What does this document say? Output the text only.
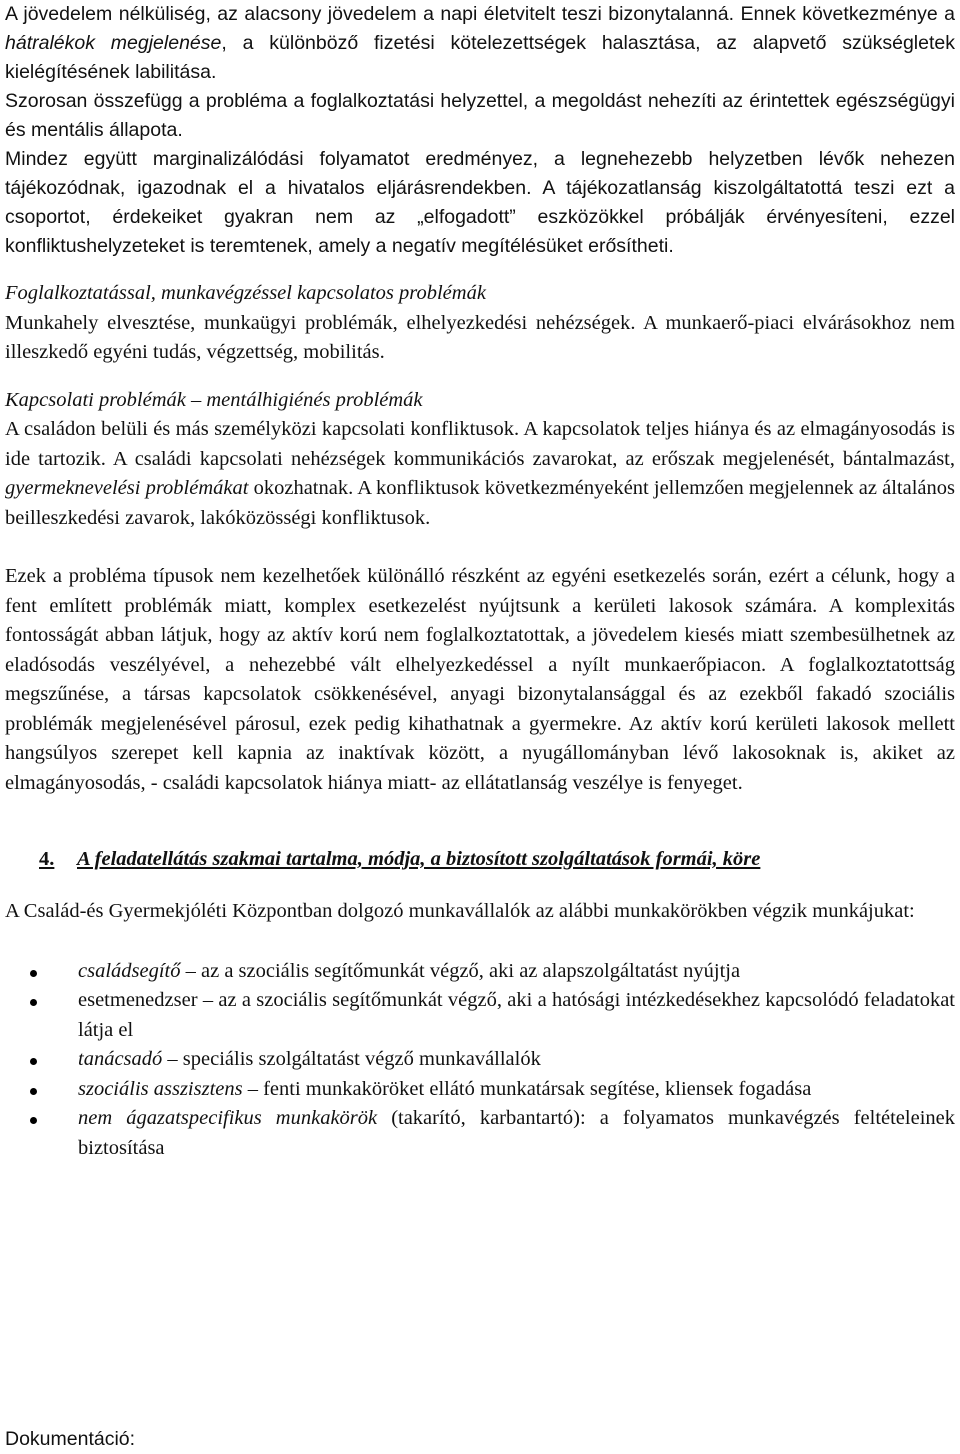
A jövedelem nélküliség, az alacsony jövedelem a napi életvitelt teszi bizonytalanná. Ennek következménye a hátralékok megjelenése, a különböző fizetési kötelezettségek halasztása, az alapvető szükségletek kielégítésének labilitása.

Szorosan összefügg a probléma a foglalkoztatási helyzettel, a megoldást nehezíti az érintettek egészségügyi és mentális állapota.

Mindez együtt marginalizálódási folyamatot eredményez, a legnehezebb helyzetben lévők nehezen tájékozódnak, igazodnak el a hivatalos eljárásrendekben. A tájékozatlanság kiszolgáltatottá teszi ezt a csoportot, érdekeiket gyakran nem az „elfogadott” eszközökkel próbálják érvényesíteni, ezzel konfliktushelyzeteket is teremtenek, amely a negatív megítélésüket erősítheti.

Foglalkoztatással, munkavégzéssel kapcsolatos problémák

Munkahely elvesztése, munkaügyi problémák, elhelyezkedési nehézségek. A munkaerő-piaci elvárásokhoz nem illeszkedő egyéni tudás, végzettség, mobilitás.

Kapcsolati problémák – mentálhigiénés problémák

A családon belüli és más személyközi kapcsolati konfliktusok. A kapcsolatok teljes hiánya és az elmagányosodás is ide tartozik. A családi kapcsolati nehézségek kommunikációs zavarokat, az erőszak megjelenését, bántalmazást, gyermeknevelési problémákat okozhatnak. A konfliktusok következményeként jellemzően megjelennek az általános beilleszkedési zavarok, lakóközösségi konfliktusok.

Ezek a probléma típusok nem kezelhetőek különálló részként az egyéni esetkezelés során, ezért a célunk, hogy a fent említett problémák miatt, komplex esetkezelést nyújtsunk a kerületi lakosok számára. A komplexitás fontosságát abban látjuk, hogy az aktív korú nem foglalkoztatottak, a jövedelem kiesés miatt szembesülhetnek az eladósodás veszélyével, a nehezebbé vált elhelyezkedéssel a nyílt munkaerőpiacon. A foglalkoztatottság megszűnése, a társas kapcsolatok csökkenésével, anyagi bizonytalansággal és az ezekből fakadó szociális problémák megjelenésével párosul, ezek pedig kihathatnak a gyermekre. Az aktív korú kerületi lakosok mellett hangsúlyos szerepet kell kapnia az inaktívak között, a nyugállományban lévő lakosoknak is, akiket az elmagányosodás, - családi kapcsolatok hiánya miatt- az ellátatlanság veszélye is fenyeget.

4. A feladatellátás szakmai tartalma, módja, a biztosított szolgáltatások formái, köre

A Család-és Gyermekjóléti Központban dolgozó munkavállalók az alábbi munkakörökben végzik munkájukat:

családsegítő – az a szociális segítőmunkát végző, aki az alapszolgáltatást nyújtja
esetmenedzser – az a szociális segítőmunkát végző, aki a hatósági intézkedésekhez kapcsolódó feladatokat látja el
tanácsadó – speciális szolgáltatást végző munkavállalók
szociális asszisztens – fenti munkaköröket ellátó munkatársak segítése, kliensek fogadása
nem ágazatspecifikus munkakörök (takarító, karbantartó): a folyamatos munkavégzés feltételeinek biztosítása

Dokumentáció:
